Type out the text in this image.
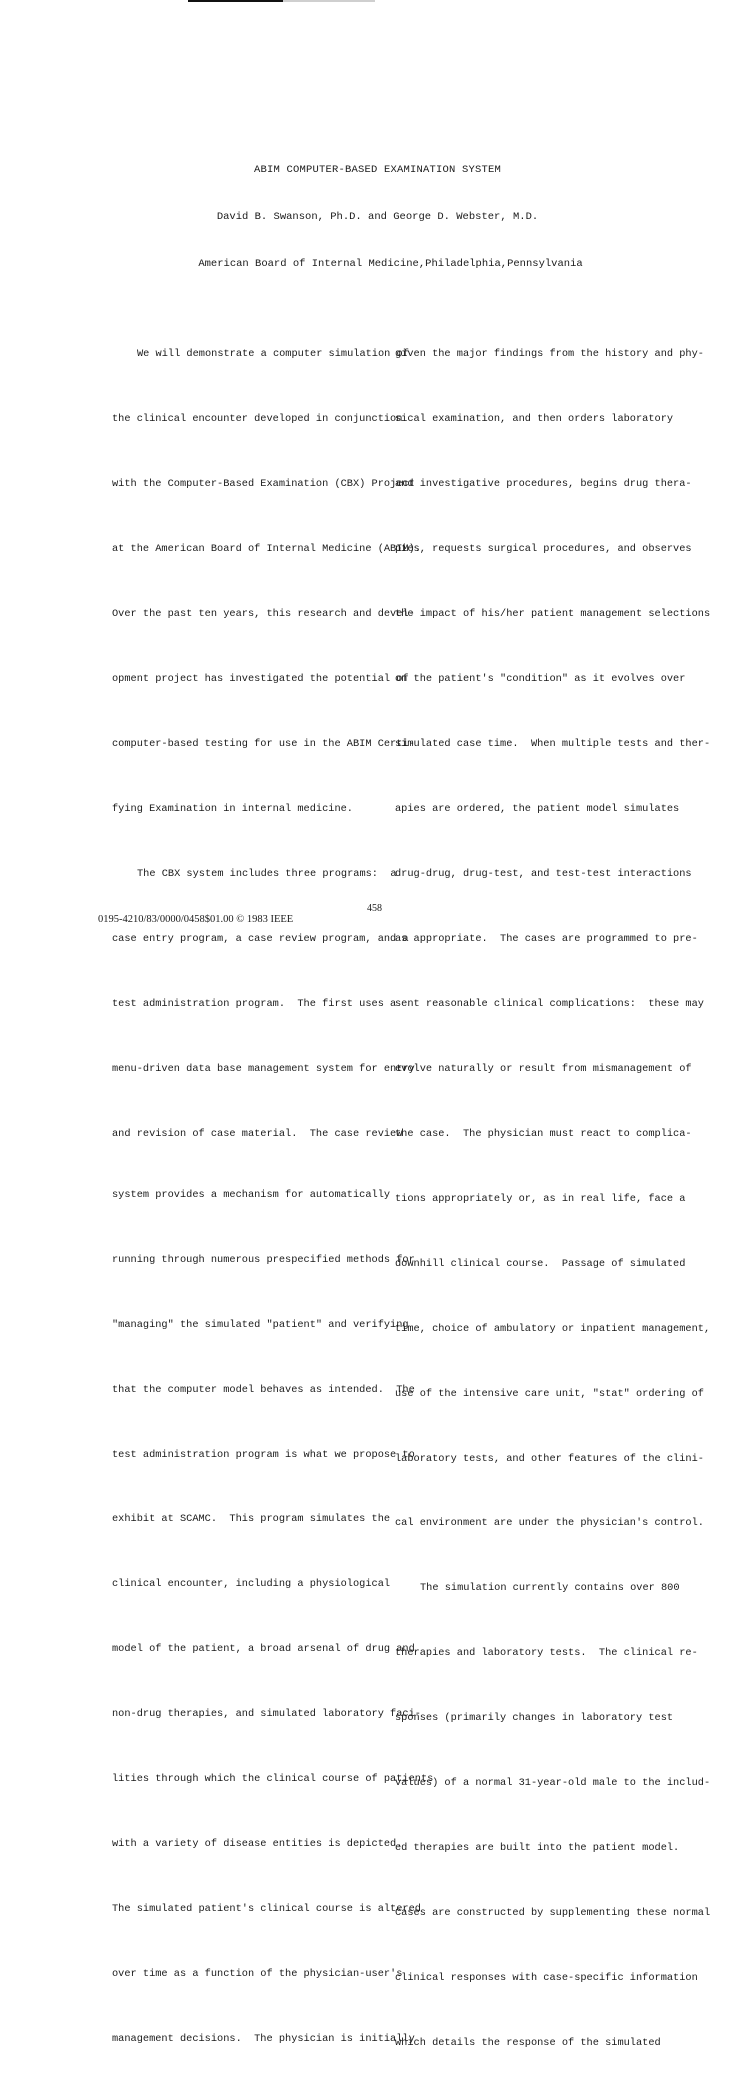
ABIM COMPUTER-BASED EXAMINATION SYSTEM
David B. Swanson, Ph.D. and George D. Webster, M.D.
American Board of Internal Medicine,Philadelphia,Pennsylvania

We will demonstrate a computer simulation of

the clinical encounter developed in conjunction

with the Computer-Based Examination (CBX) Project

at the American Board of Internal Medicine (ABIM).

Over the past ten years, this research and devel-

opment project has investigated the potential of

computer-based testing for use in the ABIM Certi-

fying Examination in internal medicine.

The CBX system includes three programs:  a

case entry program, a case review program, and a

test administration program.  The first uses a

menu-driven data base management system for entry

and revision of case material.  The case review

system provides a mechanism for automatically

running through numerous prespecified methods for

"managing" the simulated "patient" and verifying

that the computer model behaves as intended.  The

test administration program is what we propose to

exhibit at SCAMC.  This program simulates the

clinical encounter, including a physiological

model of the patient, a broad arsenal of drug and

non-drug therapies, and simulated laboratory faci-

lities through which the clinical course of patients

with a variety of disease entities is depicted.

The simulated patient's clinical course is altered

over time as a function of the physician-user's

management decisions.  The physician is initially

given the major findings from the history and phy-

sical examination, and then orders laboratory

and investigative procedures, begins drug thera-

pies, requests surgical procedures, and observes

the impact of his/her patient management selections

on the patient's "condition" as it evolves over

simulated case time.  When multiple tests and ther-

apies are ordered, the patient model simulates

drug-drug, drug-test, and test-test interactions

as appropriate.  The cases are programmed to pre-

sent reasonable clinical complications:  these may

evolve naturally or result from mismanagement of

the case.  The physician must react to complica-

tions appropriately or, as in real life, face a

downhill clinical course.  Passage of simulated

time, choice of ambulatory or inpatient management,

use of the intensive care unit, "stat" ordering of

laboratory tests, and other features of the clini-

cal environment are under the physician's control.

The simulation currently contains over 800

therapies and laboratory tests.  The clinical re-

sponses (primarily changes in laboratory test

values) of a normal 31-year-old male to the includ-

ed therapies are built into the patient model.

Cases are constructed by supplementing these normal

clinical responses with case-specific information

which details the response of the simulated

458
0195-4210/83/0000/0458$01.00 © 1983 IEEE
